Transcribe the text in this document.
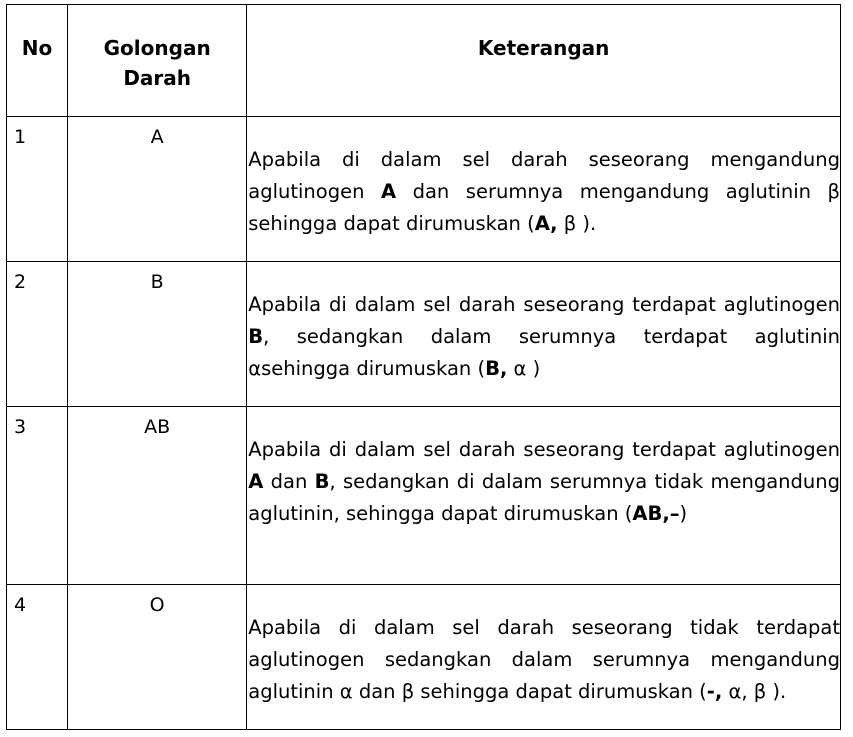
No	Golongan Darah	Keterangan
1	A	Apabila di dalam sel darah seseorang mengandung aglutinogen A dan serumnya mengandung aglutinin β sehingga dapat dirumuskan (A, β ).
2	B	Apabila di dalam sel darah seseorang terdapat aglutinogen B, sedangkan dalam serumnya terdapat aglutinin αsehingga dirumuskan (B, α )
3	AB	Apabila di dalam sel darah seseorang terdapat aglutinogen A dan B, sedangkan di dalam serumnya tidak mengandung aglutinin, sehingga dapat dirumuskan (AB,–)
4	O	Apabila di dalam sel darah seseorang tidak terdapat aglutinogen sedangkan dalam serumnya mengandung aglutinin α dan β sehingga dapat dirumuskan (-, α, β ).
